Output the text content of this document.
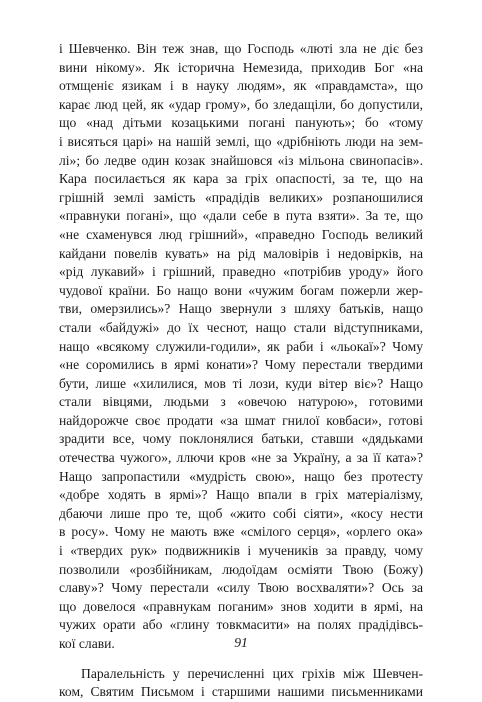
і Шевченко. Він теж знав, що Господь «люті зла не діє без
вини нікому». Як історична Немезида, приходив Бог «на
отмщеніє язикам і в науку людям», як «правдамста», що
карає люд цей, як «удар грому», бо зледащіли, бо допустили,
що «над дітьми козацькими погані панують»; бо «тому
і висяться царі» на нашій землі, що «дрібніють люди на зем-
лі»; бо ледве один козак знайшовся «із мільона свинопасів».
Кара посилається як кара за гріх опаспості, за те, що на
грішній землі замість «прадідів великих» розпаношилися
«правнуки погані», що «дали себе в пута взяти». За те, що
«не схаменувся люд грішний», «праведно Господь великий
кайдани повелів кувать» на рід маловірів і недовірків, на
«рід лукавий» і грішний, праведно «потрібив уроду» його
чудової країни. Бо нащо вони «чужим богам пожерли жер-
тви, омерзились»? Нащо звернули з шляху батьків, нащо
стали «байдужі» до їх чеснот, нащо стали відступниками,
нащо «всякому служили-годили», як раби і «льокаї»? Чому
«не соромились в ярмі конати»? Чому перестали твердими
бути, лише «хилилися, мов ті лози, куди вітер віє»? Нащо
стали вівцями, людьми з «овечою натурою», готовими
найдорожче своє продати «за шмат гнилої ковбаси», готові
зрадити все, чому поклонялися батьки, ставши «дядьками
отечества чужого», ллючи кров «не за Україну, а за її ката»?
Нащо запропастили «мудрість свою», нащо без протесту
«добре ходять в ярмі»? Нащо впали в гріх матеріалізму,
дбаючи лише про те, щоб «жито собі сіяти», «косу нести
в росу». Чому не мають вже «смілого серця», «орлего ока»
і «твердих рук» подвижників і мучеників за правду, чому
позволили «розбійникам, людоїдам осміяти Твою (Божу)
славу»? Чому перестали «силу Твою восхваляти»? Ось за
що довелося «правнукам поганим» знов ходити в ярмі, на
чужих орати або «глину товкмасити» на полях прадідівсь-
кої слави.
Паралельність у перечисленні цих гріхів між Шевчен-
ком, Святим Письмом і старшими нашими письменниками
91
